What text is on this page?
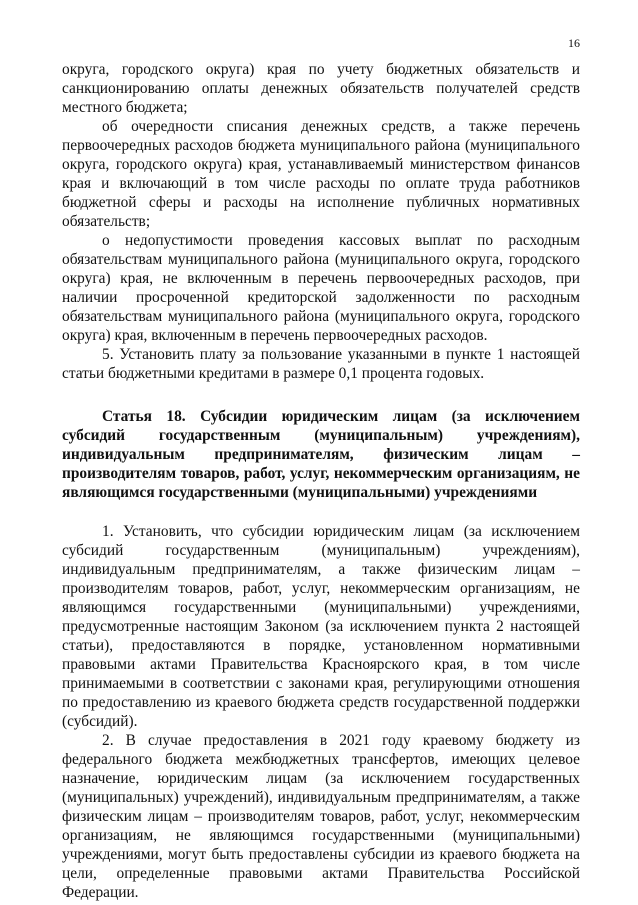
16

округа, городского округа) края по учету бюджетных обязательств и санкционированию оплаты денежных обязательств получателей средств местного бюджета;

об очередности списания денежных средств, а также перечень первоочередных расходов бюджета муниципального района (муниципального округа, городского округа) края, устанавливаемый министерством финансов края и включающий в том числе расходы по оплате труда работников бюджетной сферы и расходы на исполнение публичных нормативных обязательств;

о недопустимости проведения кассовых выплат по расходным обязательствам муниципального района (муниципального округа, городского округа) края, не включенным в перечень первоочередных расходов, при наличии просроченной кредиторской задолженности по расходным обязательствам муниципального района (муниципального округа, городского округа) края, включенным в перечень первоочередных расходов.

5. Установить плату за пользование указанными в пункте 1 настоящей статьи бюджетными кредитами в размере 0,1 процента годовых.

Статья 18. Субсидии юридическим лицам (за исключением субсидий государственным (муниципальным) учреждениям), индивидуальным предпринимателям, физическим лицам – производителям товаров, работ, услуг, некоммерческим организациям, не являющимся государственными (муниципальными) учреждениями

1. Установить, что субсидии юридическим лицам (за исключением субсидий государственным (муниципальным) учреждениям), индивидуальным предпринимателям, а также физическим лицам – производителям товаров, работ, услуг, некоммерческим организациям, не являющимся государственными (муниципальными) учреждениями, предусмотренные настоящим Законом (за исключением пункта 2 настоящей статьи), предоставляются в порядке, установленном нормативными правовыми актами Правительства Красноярского края, в том числе принимаемыми в соответствии с законами края, регулирующими отношения по предоставлению из краевого бюджета средств государственной поддержки (субсидий).

2. В случае предоставления в 2021 году краевому бюджету из федерального бюджета межбюджетных трансфертов, имеющих целевое назначение, юридическим лицам (за исключением государственных (муниципальных) учреждений), индивидуальным предпринимателям, а также физическим лицам – производителям товаров, работ, услуг, некоммерческим организациям, не являющимся государственными (муниципальными) учреждениями, могут быть предоставлены субсидии из краевого бюджета на цели, определенные правовыми актами Правительства Российской Федерации.
